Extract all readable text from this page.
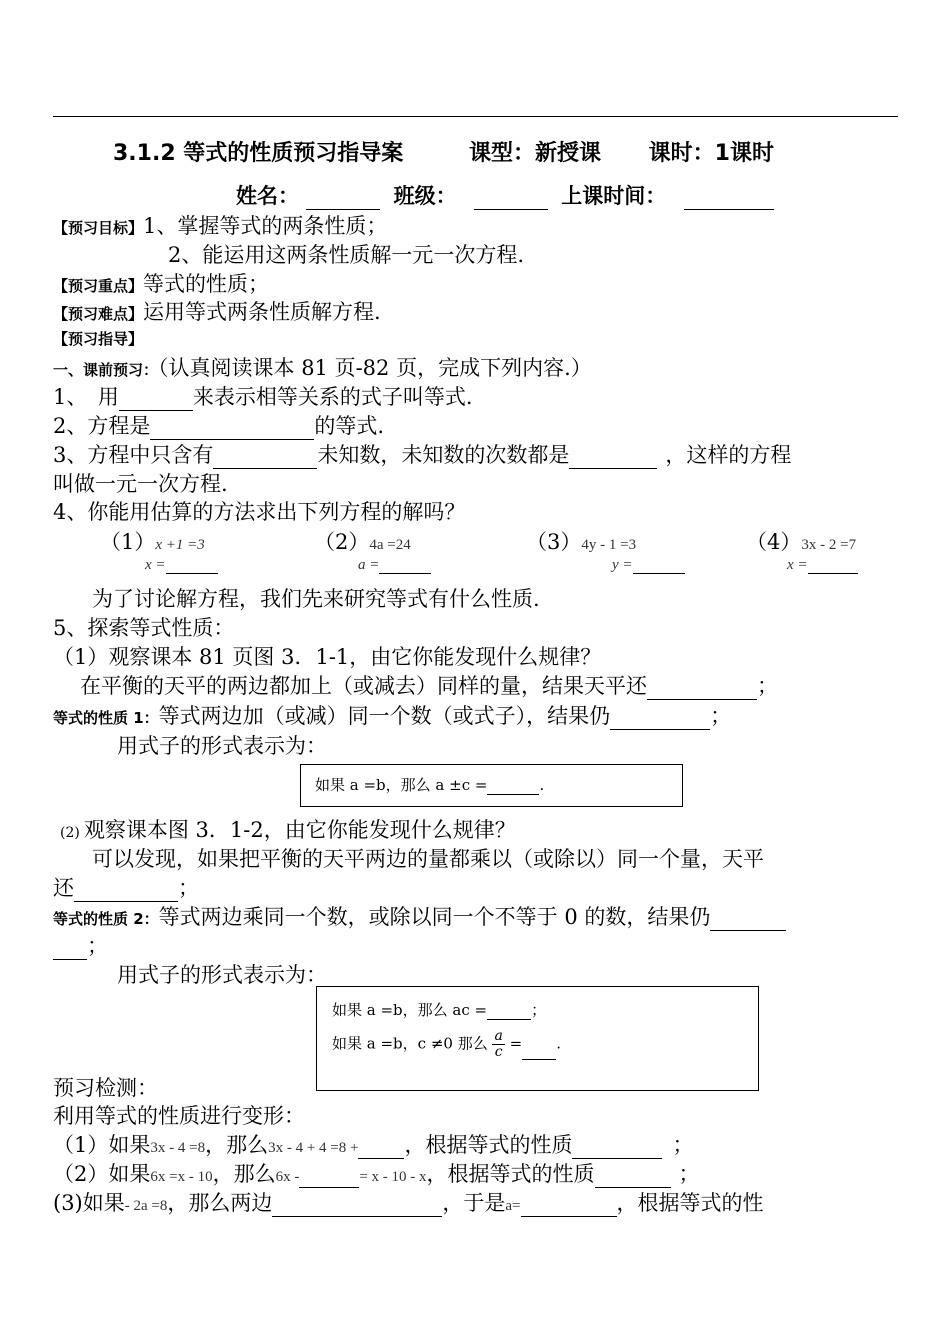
3.1.2 等式的性质预习指导案	课型：新授课 课时：1课时
姓名：	班级：	上课时间：
【预习目标】1、掌握等式的两条性质；
2、能运用这两条性质解一元一次方程.
【预习重点】等式的性质；
【预习难点】运用等式两条性质解方程.
【预习指导】
一、课前预习：（认真阅读课本 81 页-82 页，完成下列内容.）
1、　用	来表示相等关系的式子叫等式.
2、方程是	的等式.
3、方程中只含有	未知数，未知数的次数都是	，这样的方程
叫做一元一次方程.
4、你能用估算的方法求出下列方程的解吗？
（1）x +1 =3	（2）4a =24	（3）4y - 1 =3	（4）3x - 2 =7
x =	a =	y =	x =
为了讨论解方程，我们先来研究等式有什么性质.
5、探索等式性质：
（1）观察课本 81 页图 3．1-1，由它你能发现什么规律？
在平衡的天平的两边都加上（或减去）同样的量，结果天平还	；
等式的性质 1：等式两边加（或减）同一个数（或式子），结果仍	；
用式子的形式表示为：
如果 a =b，那么 a ±c =	.
(2) 观察课本图 3．1-2，由它你能发现什么规律？
可以发现，如果把平衡的天平两边的量都乘以（或除以）同一个量，天平
还	；
等式的性质 2：等式两边乘同一个数，或除以同一个不等于 0 的数，结果仍
；
用式子的形式表示为：
如果 a =b，那么 ac =	；
如果 a =b，c ≠0 那么 $\frac{a}{c}$ = .
预习检测：
利用等式的性质进行变形：
（1）如果3x - 4 =8，那么3x - 4 + 4 =8 + ，根据等式的性质	；
（2）如果6x =x - 10，那么6x -	= x - 10 - x，根据等式的性质	；
(3)如果- 2a =8，那么两边	，于是a=	，根据等式的性
